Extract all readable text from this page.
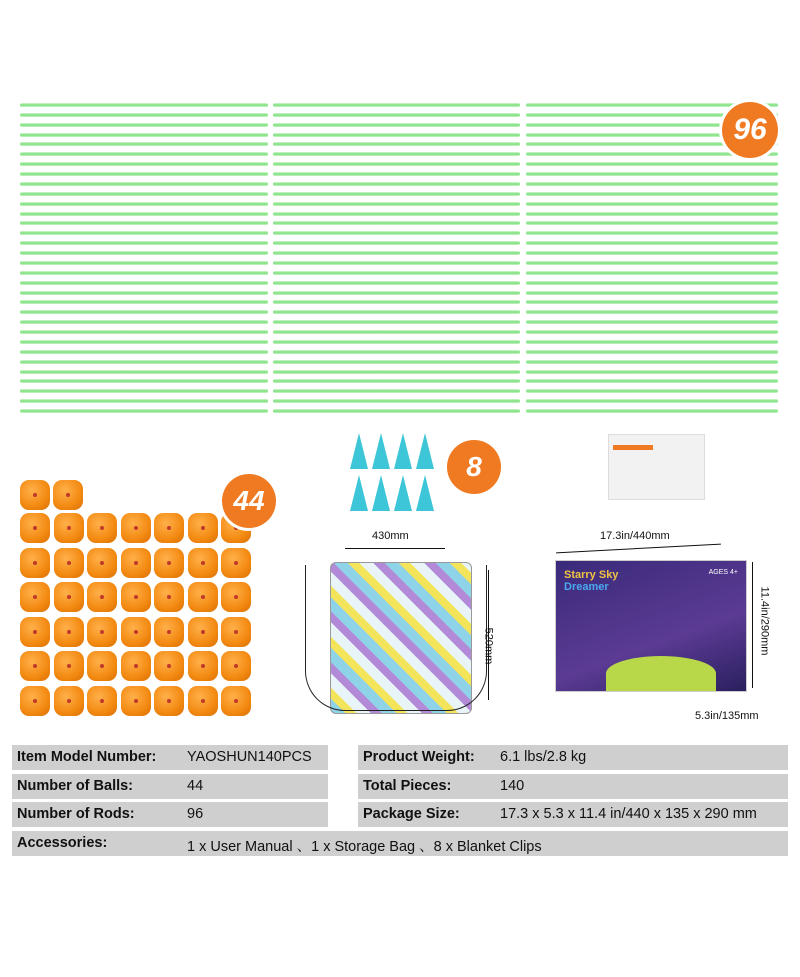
96
44
8
430mm
520mm
17.3in/440mm
Starry Sky
Dreamer
AGES 4+
11.4in/290mm
5.3in/135mm
Item Model Number: YAOSHUN140PCS	Product Weight: 6.1 lbs/2.8 kg
Number of Balls:	44	Total Pieces:	140
Number of Rods:	96	Package Size:	17.3 x 5.3 x 11.4 in/440 x 135 x 290 mm
Accessories:	1 x User Manual 、1 x Storage Bag 、8 x Blanket Clips
